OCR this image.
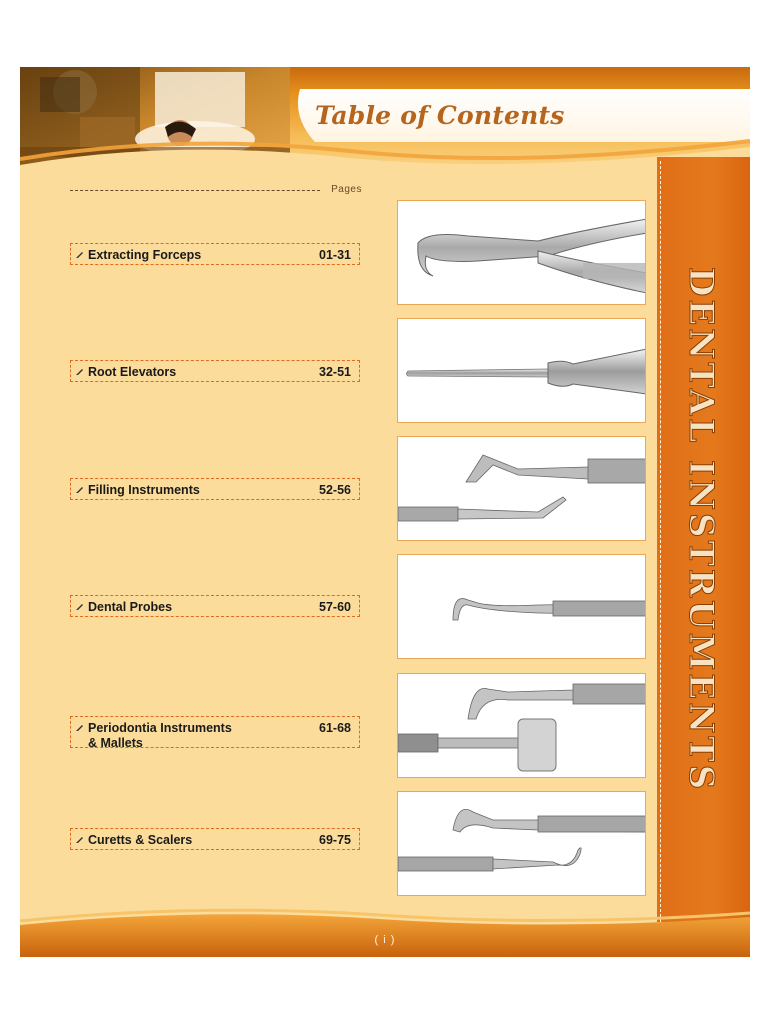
Table of Contents
Pages
Extracting Forceps	01-31
Root Elevators	32-51
Filling Instruments	52-56
Dental Probes	57-60
Periodontia Instruments
& Mallets
61-68
Curetts & Scalers	69-75
DENTAL INSTRUMENTS
( i )
